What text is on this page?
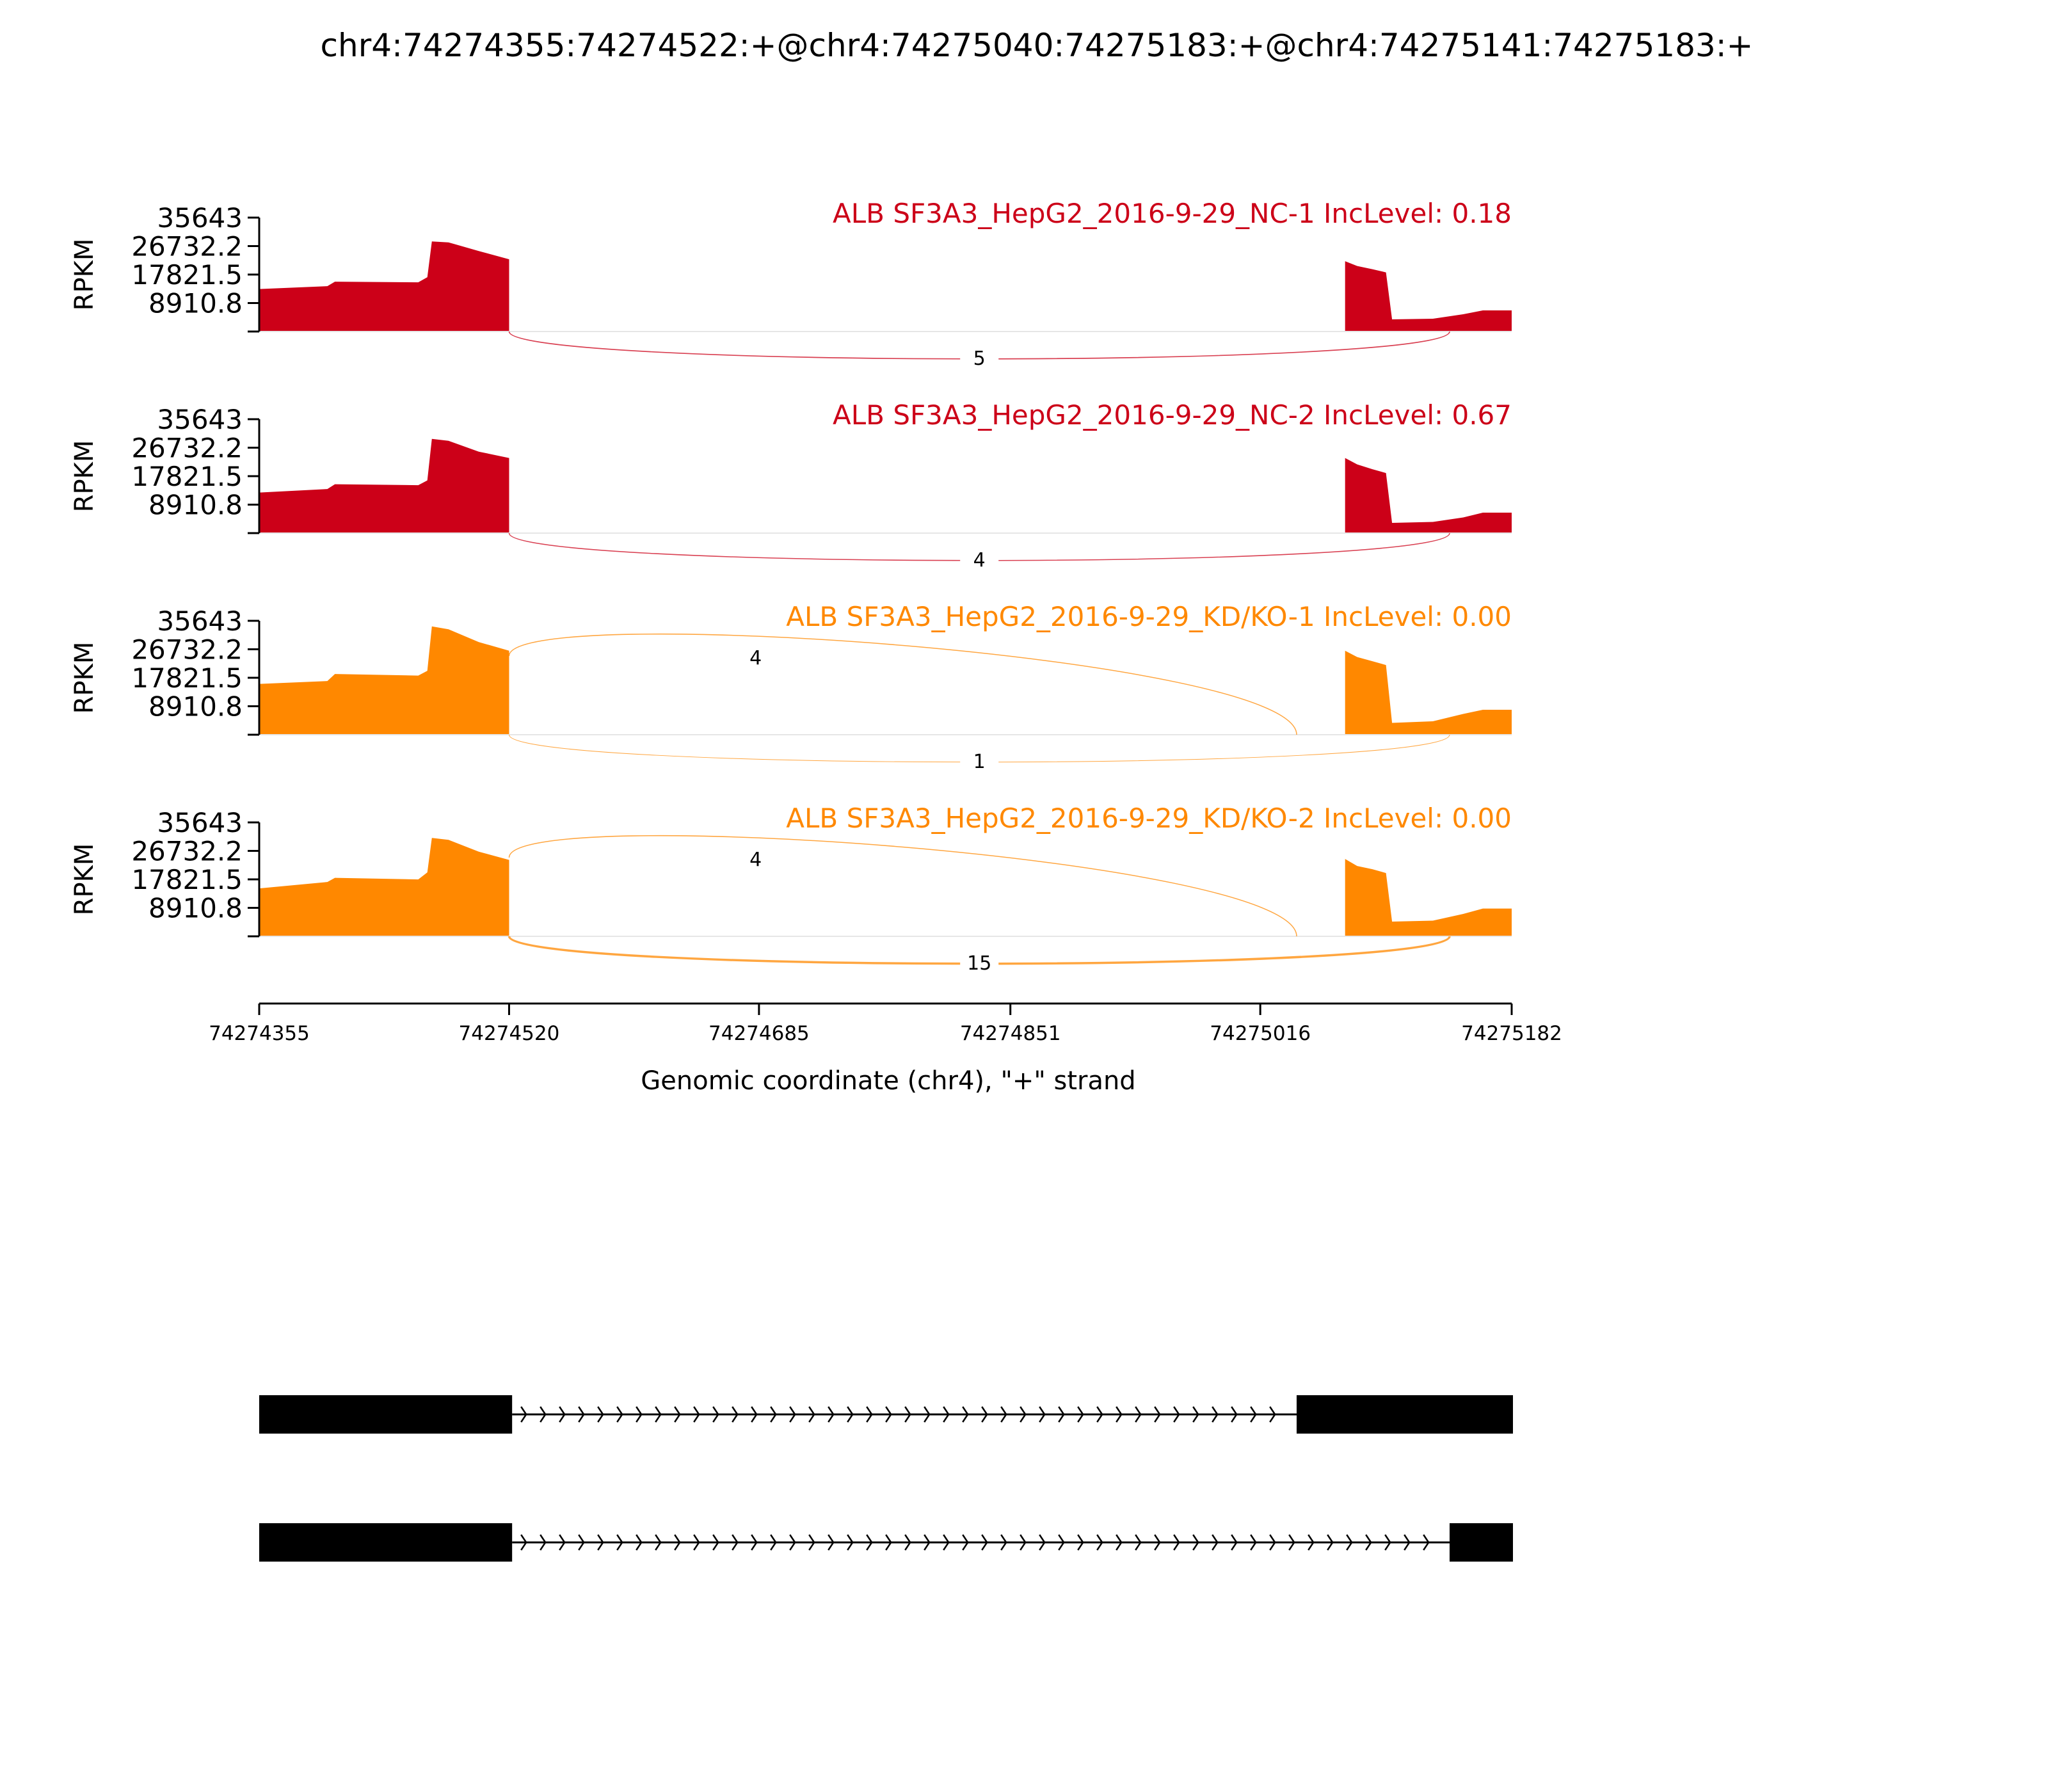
chr4:74274355:74274522:+@chr4:74275040:74275183:+@chr4:74275141:74275183:+
5
ALB SF3A3_HepG2_2016-9-29_NC-1 IncLevel: 0.18
35643
26732.2
17821.5
8910.8
RPKM
4
ALB SF3A3_HepG2_2016-9-29_NC-2 IncLevel: 0.67
35643
26732.2
17821.5
8910.8
RPKM
4
1
ALB SF3A3_HepG2_2016-9-29_KD/KO-1 IncLevel: 0.00
35643
26732.2
17821.5
8910.8
RPKM
4
15
ALB SF3A3_HepG2_2016-9-29_KD/KO-2 IncLevel: 0.00
35643
26732.2
17821.5
8910.8
RPKM
74274355	74274520	74274685	74274851	74275016	74275182
Genomic coordinate (chr4), "+" strand
